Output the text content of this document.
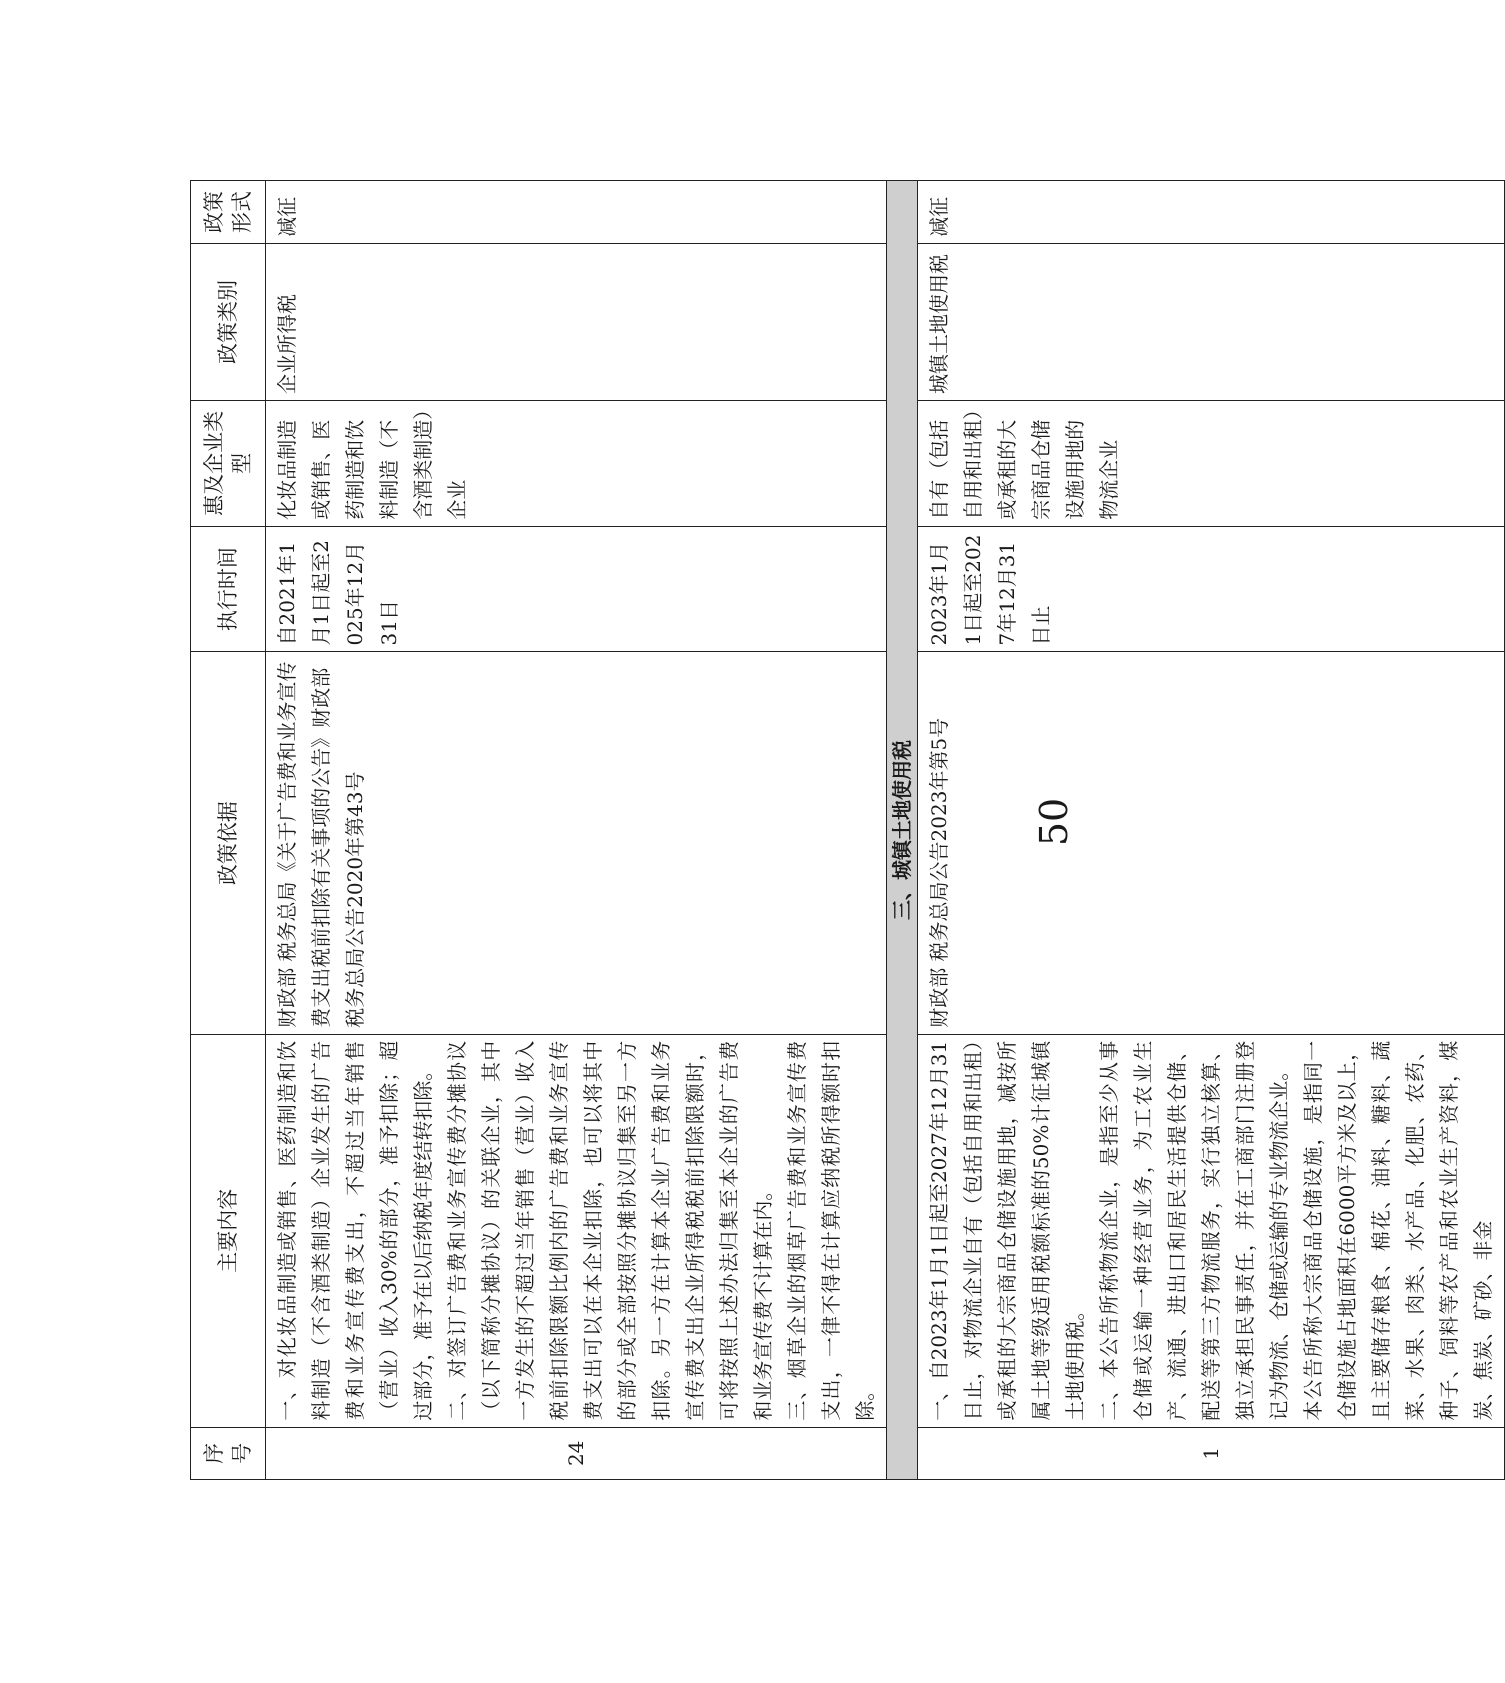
序号	主要内容	政策依据	执行时间	惠及企业类型	政策类别	政策形式
24	一、对化妆品制造或销售、医药制造和饮料制造（不含酒类制造）企业发生的广告费和业务宣传费支出，不超过当年销售（营业）收入30%的部分，准予扣除；超过部分，准予在以后纳税年度结转扣除。 二、对签订广告费和业务宣传费分摊协议（以下简称分摊协议）的关联企业，其中一方发生的不超过当年销售（营业）收入税前扣除限额比例内的广告费和业务宣传费支出可以在本企业扣除，也可以将其中的部分或全部按照分摊协议归集至另一方扣除。另一方在计算本企业广告费和业务宣传费支出企业所得税税前扣除限额时，可将按照上述办法归集至本企业的广告费和业务宣传费不计算在内。 三、烟草企业的烟草广告费和业务宣传费支出，一律不得在计算应纳税所得额时扣除。	财政部 税务总局《关于广告费和业务宣传费支出税前扣除有关事项的公告》财政部 税务总局公告2020年第43号	自2021年1月1日起至2025年12月31日	化妆品制造或销售、医药制造和饮料制造（不含酒类制造）企业	企业所得税	减征
三、城镇土地使用税						
1	一、自2023年1月1日起至2027年12月31日止，对物流企业自有（包括自用和出租）或承租的大宗商品仓储设施用地，减按所属土地等级适用税额标准的50%计征城镇土地使用税。 二、本公告所称物流企业，是指至少从事仓储或运输一种经营业务，为工农业生产、流通、进出口和居民生活提供仓储、配送等第三方物流服务，实行独立核算、独立承担民事责任，并在工商部门注册登记为物流、仓储或运输的专业物流企业。 本公告所称大宗商品仓储设施，是指同一仓储设施占地面积在6000平方米及以上，且主要储存粮食、棉花、油料、糖料、蔬菜、水果、肉类、水产品、化肥、农药、种子、饲料等农产品和农业生产资料，煤炭、焦炭、矿砂、非金	财政部 税务总局公告2023年第5号	2023年1月1日起至2027年12月31日止	自有（包括自用和出租）或承租的大宗商品仓储设施用地的物流企业	城镇土地使用税	减征
50
